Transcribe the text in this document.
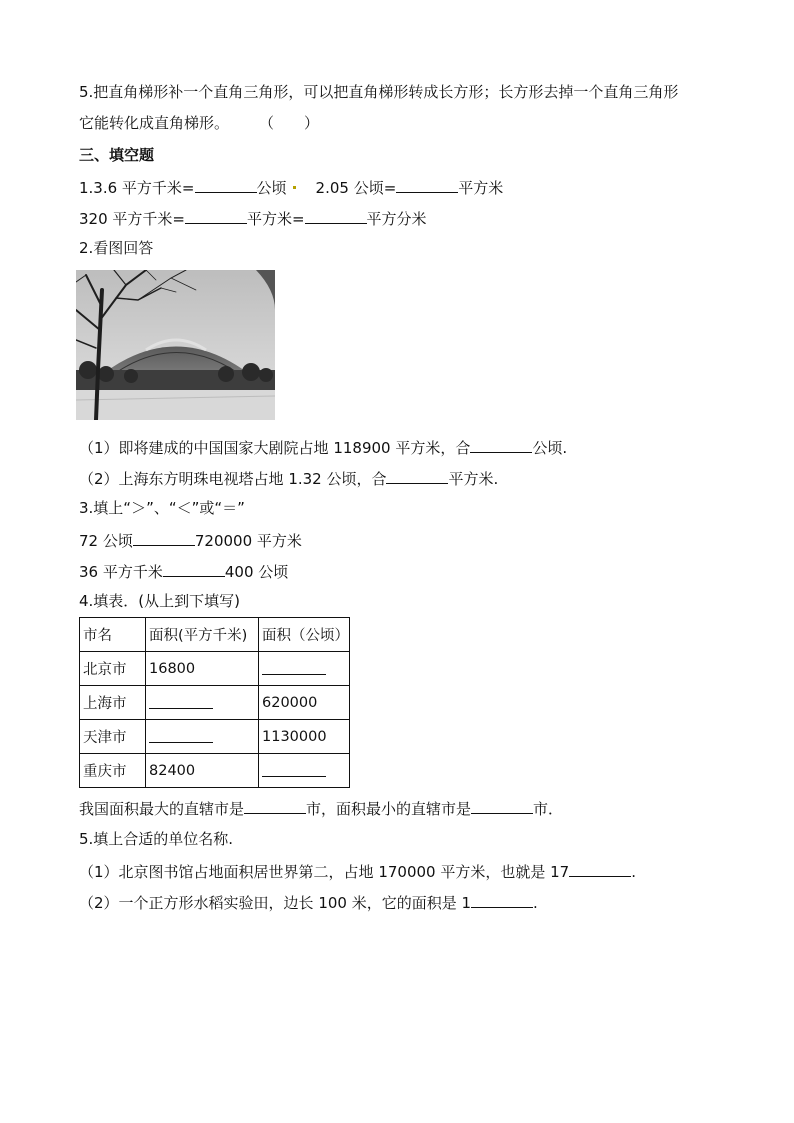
5.把直角梯形补一个直角三角形，可以把直角梯形转成长方形；长方形去掉一个直角三角形
它能转化成直角梯形。 （　　）
三、填空题
1.3.6 平方千米=	公顷 2.05 公顷=	平方米
320 平方千米=	平方米=	平方分米
2.看图回答
（1）即将建成的中国国家大剧院占地 118900 平方米，合	公顷.
（2）上海东方明珠电视塔占地 1.32 公顷，合	平方米.
3.填上“＞”、“＜”或“＝”
72 公顷	720000 平方米
36 平方千米	400 公顷
4.填表．(从上到下填写)
市名	面积(平方千米)	面积（公顷）
北京市	16800	
上海市		620000
天津市		1130000
重庆市	82400	
我国面积最大的直辖市是	市，面积最小的直辖市是	市．
5.填上合适的单位名称.
（1）北京图书馆占地面积居世界第二，占地 170000 平方米，也就是 17	.
（2）一个正方形水稻实验田，边长 100 米，它的面积是 1	.
